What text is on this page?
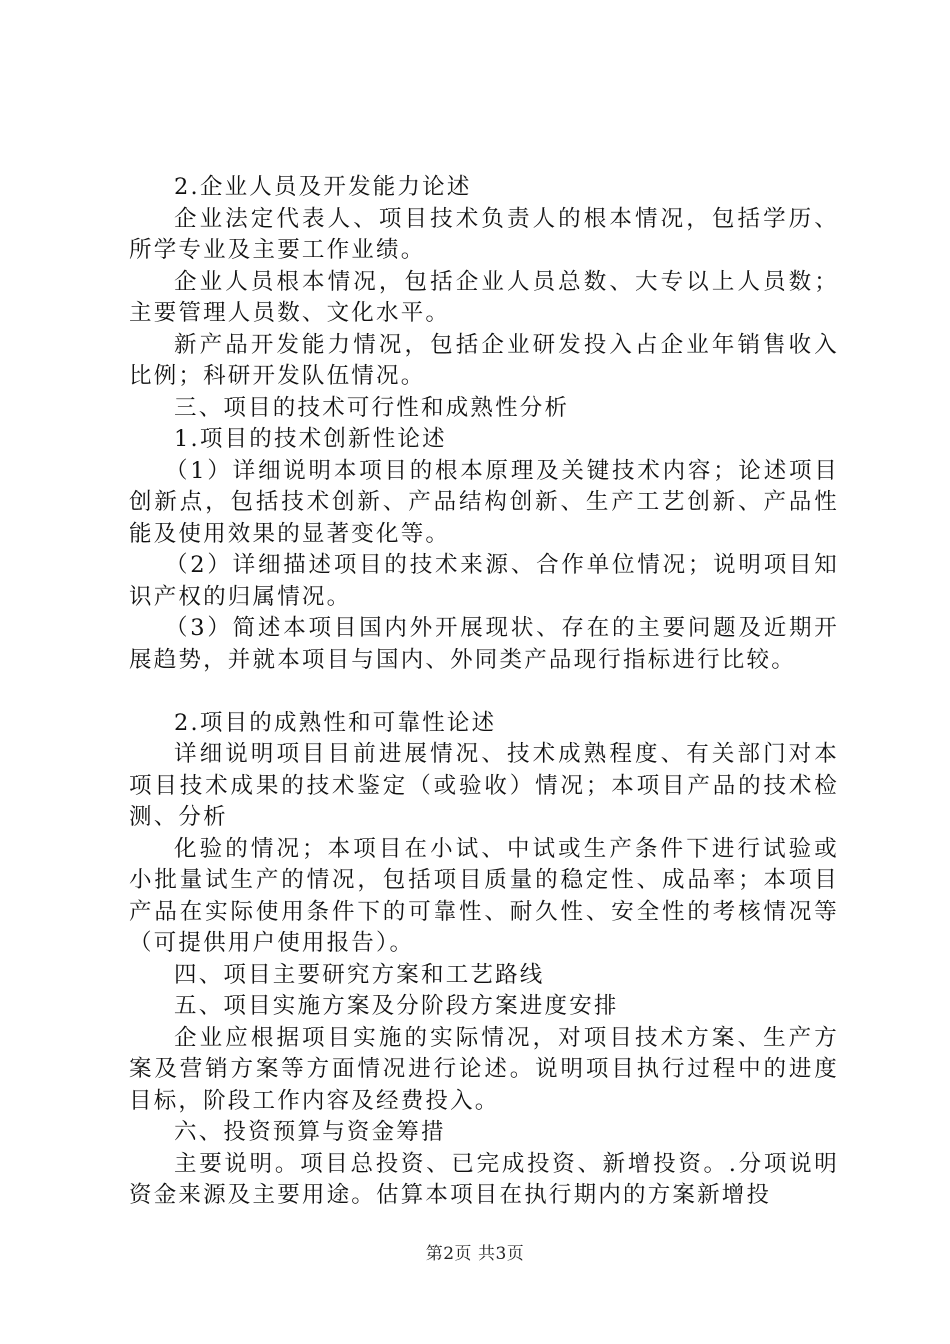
2.企业人员及开发能力论述

企业法定代表人、项目技术负责人的根本情况，包括学历、所学专业及主要工作业绩。

企业人员根本情况，包括企业人员总数、大专以上人员数；主要管理人员数、文化水平。

新产品开发能力情况，包括企业研发投入占企业年销售收入比例；科研开发队伍情况。

三、项目的技术可行性和成熟性分析

1.项目的技术创新性论述

（1）详细说明本项目的根本原理及关键技术内容；论述项目创新点，包括技术创新、产品结构创新、生产工艺创新、产品性能及使用效果的显著变化等。

（2）详细描述项目的技术来源、合作单位情况；说明项目知识产权的归属情况。

（3）简述本项目国内外开展现状、存在的主要问题及近期开展趋势，并就本项目与国内、外同类产品现行指标进行比较。

2.项目的成熟性和可靠性论述

详细说明项目目前进展情况、技术成熟程度、有关部门对本项目技术成果的技术鉴定（或验收）情况；本项目产品的技术检测、分析

化验的情况；本项目在小试、中试或生产条件下进行试验或小批量试生产的情况，包括项目质量的稳定性、成品率；本项目产品在实际使用条件下的可靠性、耐久性、安全性的考核情况等（可提供用户使用报告）。

四、项目主要研究方案和工艺路线

五、项目实施方案及分阶段方案进度安排

企业应根据项目实施的实际情况，对项目技术方案、生产方案及营销方案等方面情况进行论述。说明项目执行过程中的进度目标，阶段工作内容及经费投入。

六、投资预算与资金筹措

主要说明。项目总投资、已完成投资、新增投资。.分项说明资金来源及主要用途。估算本项目在执行期内的方案新增投

第2页 共3页
